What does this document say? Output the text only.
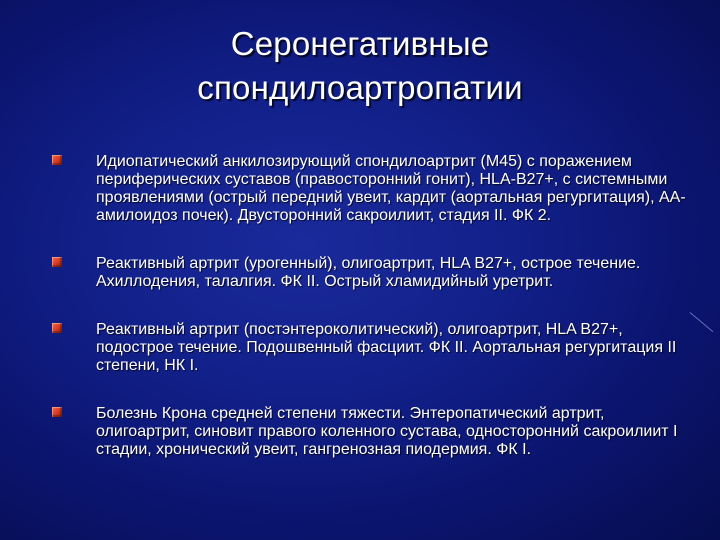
Серонегативные
спондилоартропатии
Идиопатический анкилозирующий спондилоартрит (М45) с поражением периферических суставов (правосторонний гонит), HLA-B27+, с системными проявлениями (острый передний увеит, кардит (аортальная регургитация), АА-амилоидоз почек). Двусторонний сакроилиит, стадия II. ФК 2.
Реактивный артрит (урогенный), олигоартрит, HLA B27+, острое течение. Ахиллодения, талалгия. ФК II. Острый хламидийный уретрит.
Реактивный артрит (постэнтероколитический), олигоартрит, HLA B27+, подострое течение. Подошвенный фасциит. ФК II. Аортальная регургитация II степени, НК I.
Болезнь Крона средней степени тяжести. Энтеропатический артрит, олигоартрит, синовит правого коленного сустава, односторонний сакроилиит I стадии, хронический увеит, гангренозная пиодермия. ФК I.
